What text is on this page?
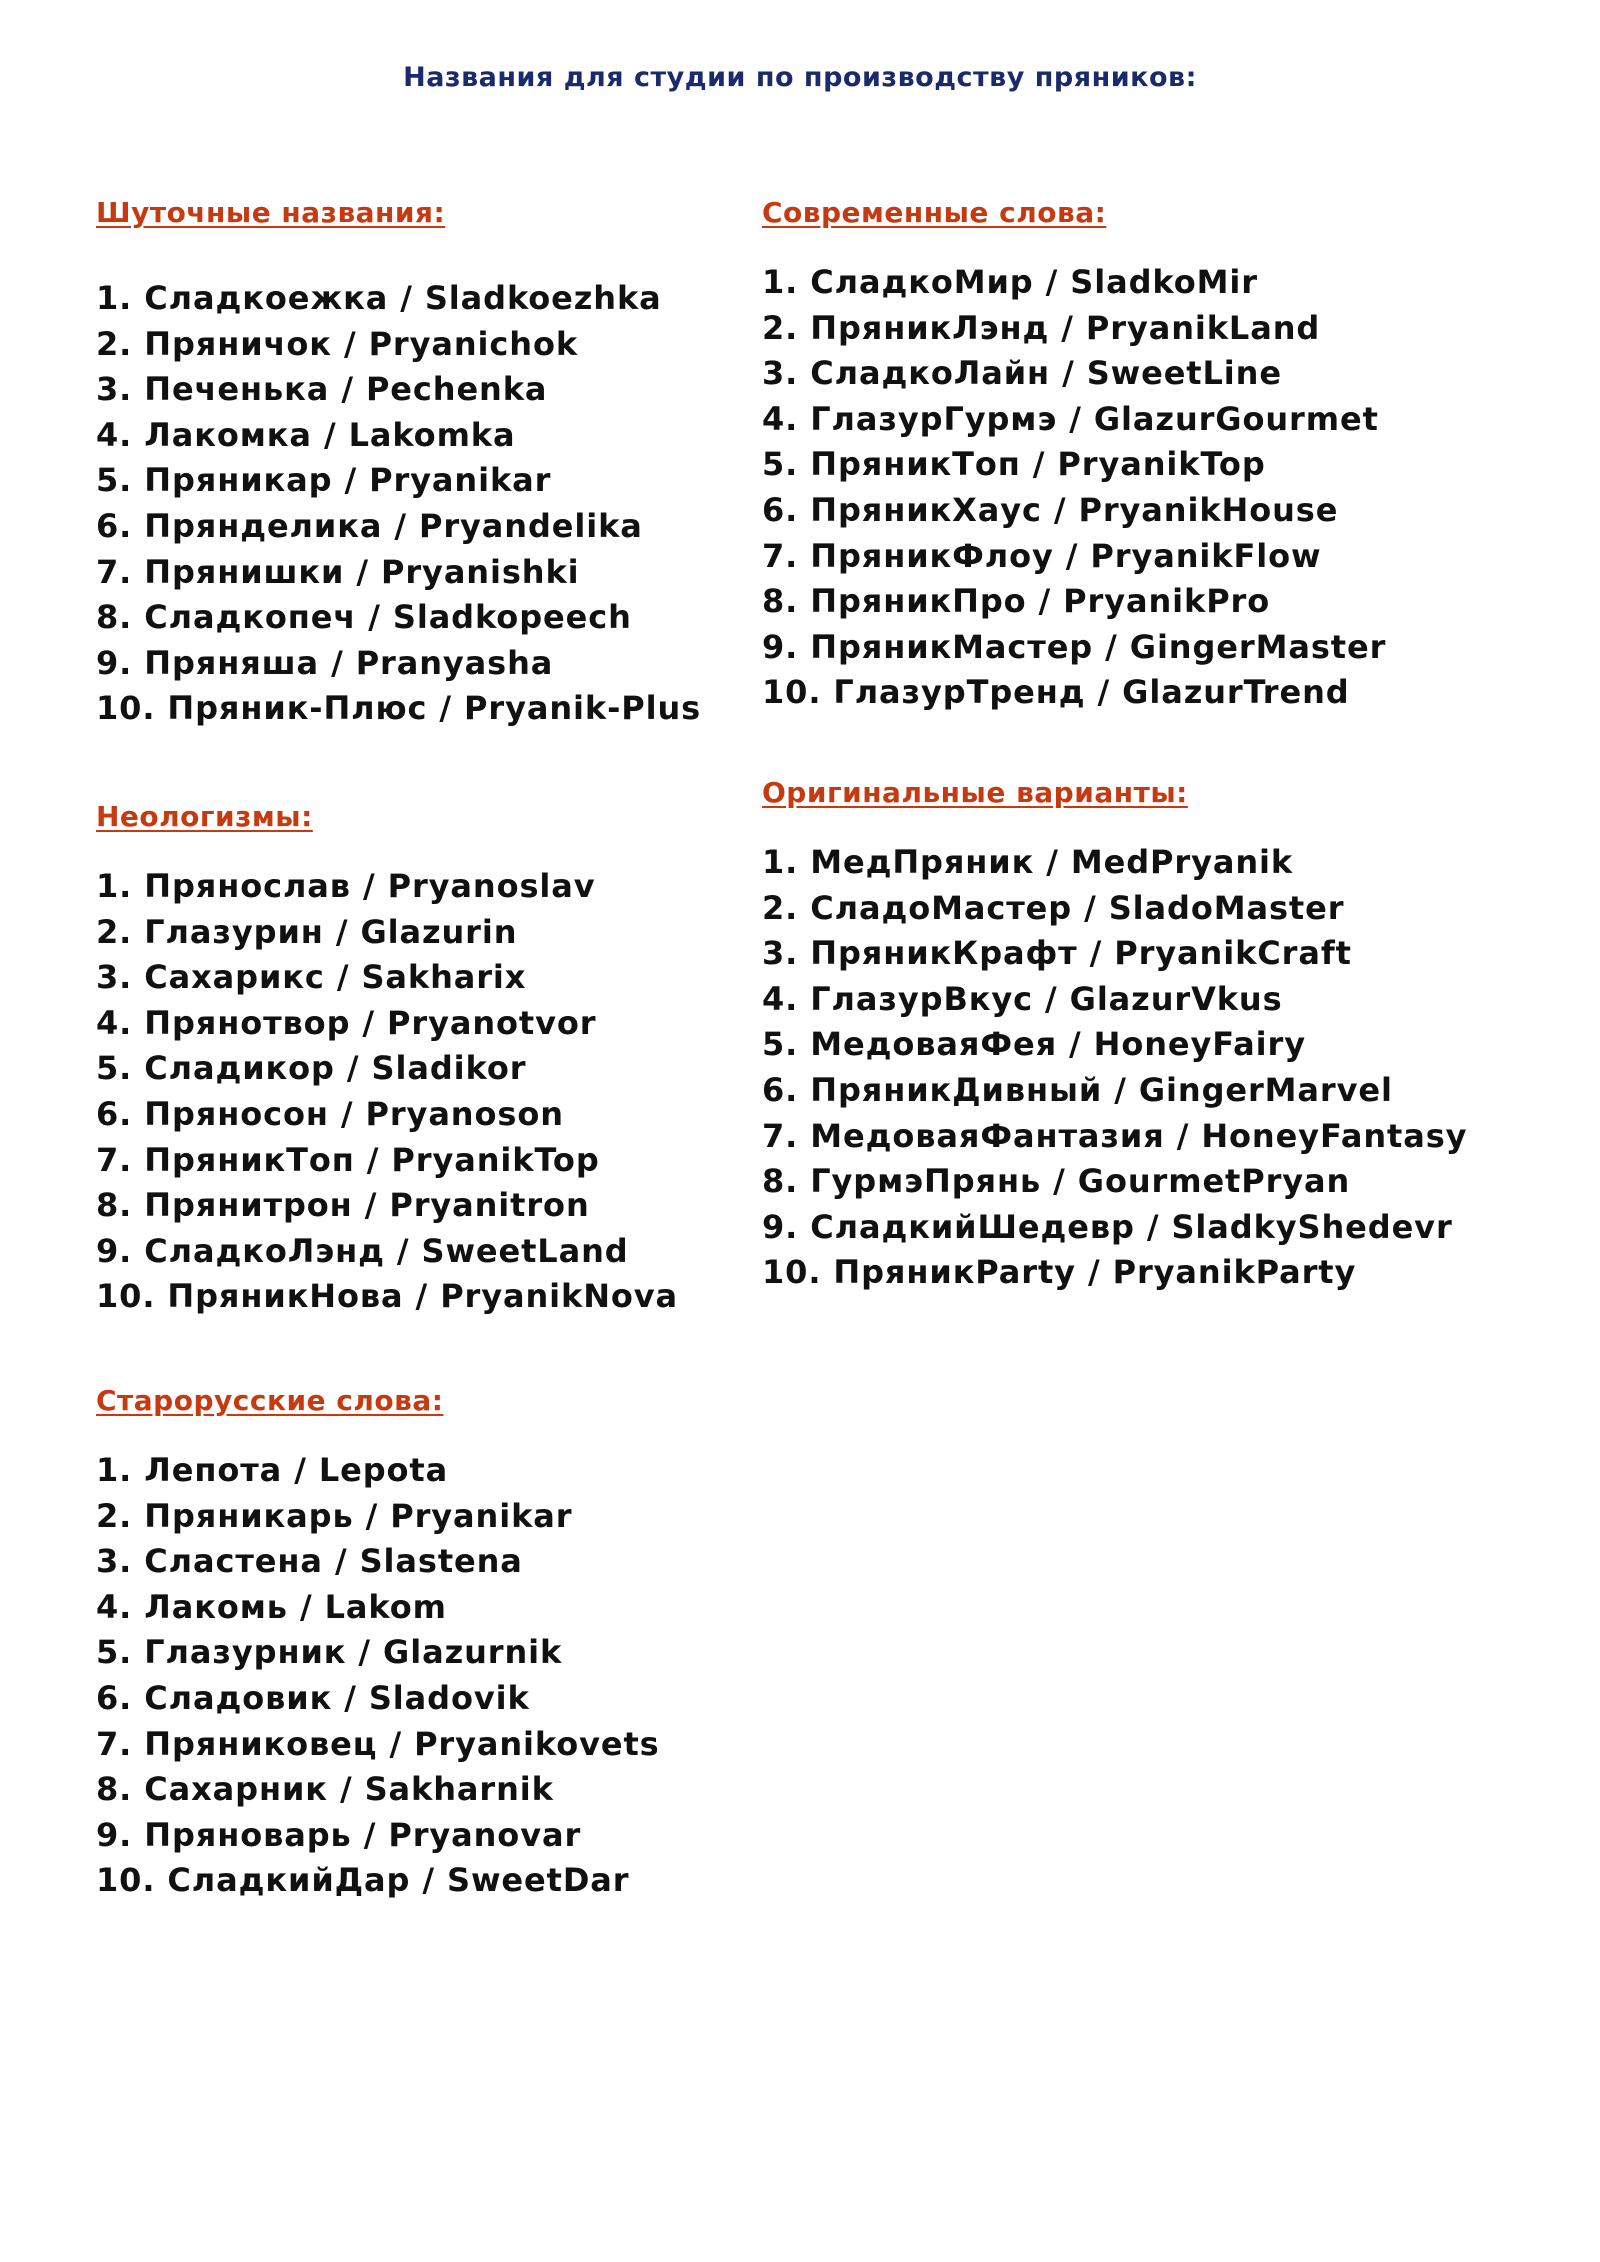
Названия для студии по производству пряников:
Шуточные названия:
1. Сладкоежка / Sladkoezhka
2. Пряничок / Pryanichok
3. Печенька / Pechenka
4. Лакомка / Lakomka
5. Пряникар / Pryanikar
6. Прянделика / Pryandelika
7. Прянишки / Pryanishki
8. Сладкопеч / Sladkopeech
9. Пряняша / Pranyasha
10. Пряник-Плюс / Pryanik-Plus
Неологизмы:
1. Прянослав / Pryanoslav
2. Глазурин / Glazurin
3. Сахарикс / Sakharix
4. Прянотвор / Pryanotvor
5. Сладикор / Sladikor
6. Пряносон / Pryanoson
7. ПряникТоп / PryanikTop
8. Прянитрон / Pryanitron
9. СладкоЛэнд / SweetLand
10. ПряникНова / PryanikNova
Старорусские слова:
1. Лепота / Lepota
2. Пряникарь / Pryanikar
3. Сластена / Slastena
4. Лакомь / Lakom
5. Глазурник / Glazurnik
6. Сладовик / Sladovik
7. Пряниковец / Pryanikovets
8. Сахарник / Sakharnik
9. Пряноварь / Pryanovar
10. СладкийДар / SweetDar
Современные слова:
1. СладкоМир / SladkoMir
2. ПряникЛэнд / PryanikLand
3. СладкоЛайн / SweetLine
4. ГлазурГурмэ / GlazurGourmet
5. ПряникТоп / PryanikTop
6. ПряникХаус / PryanikHouse
7. ПряникФлоу / PryanikFlow
8. ПряникПро / PryanikPro
9. ПряникМастер / GingerMaster
10. ГлазурТренд / GlazurTrend
Оригинальные варианты:
1. МедПряник / MedPryanik
2. СладоМастер / SladoMaster
3. ПряникКрафт / PryanikCraft
4. ГлазурВкус / GlazurVkus
5. МедоваяФея / HoneyFairy
6. ПряникДивный / GingerMarvel
7. МедоваяФантазия / HoneyFantasy
8. ГурмэПрянь / GourmetPryan
9. СладкийШедевр / SladkyShedevr
10. ПряникParty / PryanikParty
